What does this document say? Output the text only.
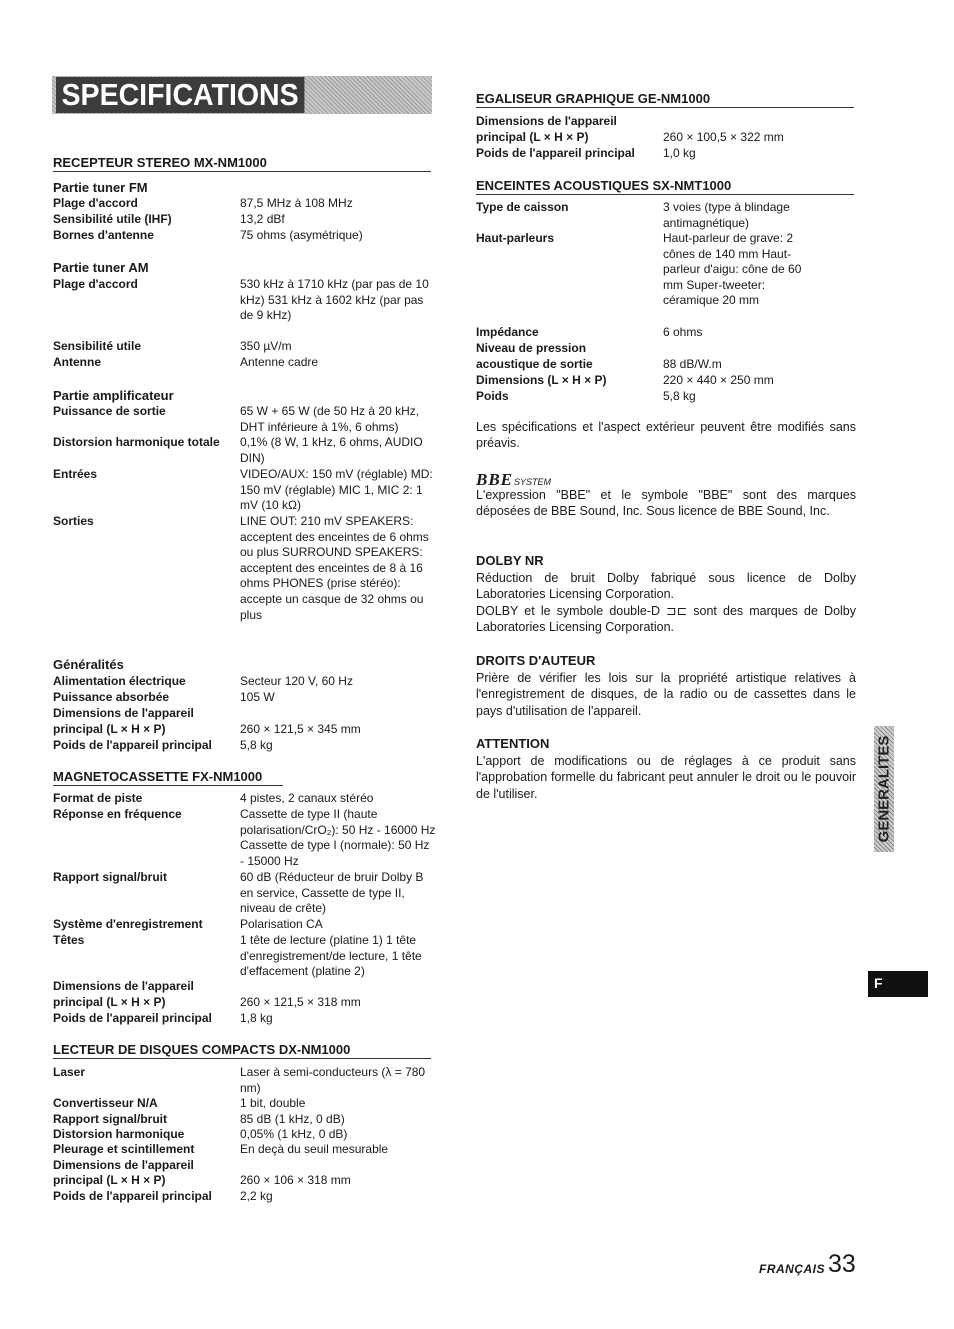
SPECIFICATIONS
RECEPTEUR STEREO MX-NM1000
Partie tuner FM
Plage d'accord	87,5 MHz à 108 MHz
Sensibilité utile (IHF)	13,2 dBf
Bornes d'antenne	75 ohms (asymétrique)
Partie tuner AM
Plage d'accord	530 kHz à 1710 kHz (par pas de 10 kHz) 531 kHz à 1602 kHz (par pas de 9 kHz)
Sensibilité utile	350 µV/m
Antenne	Antenne cadre
Partie amplificateur
Puissance de sortie	65 W + 65 W (de 50 Hz à 20 kHz, DHT inférieure à 1%, 6 ohms)
Distorsion harmonique totale 0,1% (8 W, 1 kHz, 6 ohms, AUDIO DIN)
Entrées	VIDEO/AUX: 150 mV (réglable) MD: 150 mV (réglable) MIC 1, MIC 2: 1 mV (10 kΩ)
Sorties	LINE OUT: 210 mV SPEAKERS: acceptent des enceintes de 6 ohms ou plus SURROUND SPEAKERS: acceptent des enceintes de 8 à 16 ohms PHONES (prise stéréo): accepte un casque de 32 ohms ou plus
Généralités
Alimentation électrique	Secteur 120 V, 60 Hz
Puissance absorbée	105 W
Dimensions de l'appareil
principal (L × H × P)	260 × 121,5 × 345 mm
Poids de l'appareil principal 5,8 kg
MAGNETOCASSETTE FX-NM1000
Format de piste	4 pistes, 2 canaux stéréo
Réponse en fréquence	Cassette de type II (haute polarisation/CrO₂): 50 Hz - 16000 Hz Cassette de type I (normale): 50 Hz - 15000 Hz
Rapport signal/bruit	60 dB (Réducteur de bruir Dolby B en service, Cassette de type II, niveau de crête)
Système d'enregistrement	Polarisation CA
Têtes	1 tête de lecture (platine 1) 1 tête d'enregistrement/de lecture, 1 tête d'effacement (platine 2)
Dimensions de l'appareil
principal (L × H × P)	260 × 121,5 × 318 mm
Poids de l'appareil principal 1,8 kg
LECTEUR DE DISQUES COMPACTS DX-NM1000
Laser	Laser à semi-conducteurs (λ = 780 nm)
Convertisseur N/A	1 bit, double
Rapport signal/bruit	85 dB (1 kHz, 0 dB)
Distorsion harmonique	0,05% (1 kHz, 0 dB)
Pleurage et scintillement	En deçà du seuil mesurable
Dimensions de l'appareil
principal (L × H × P)	260 × 106 × 318 mm
Poids de l'appareil principal 2,2 kg
EGALISEUR GRAPHIQUE GE-NM1000
Dimensions de l'appareil
principal (L × H × P)	260 × 100,5 × 322 mm
Poids de l'appareil principal 1,0 kg
ENCEINTES ACOUSTIQUES SX-NMT1000
Type de caisson	3 voies (type à blindage antimagnétique)
Haut-parleurs	Haut-parleur de grave: 2 cônes de 140 mm Haut-parleur d'aigu: cône de 60 mm Super-tweeter: céramique 20 mm
Impédance	6 ohms
Niveau de pression
acoustique de sortie	88 dB/W.m
Dimensions (L × H × P)	220 × 440 × 250 mm
Poids	5,8 kg
Les spécifications et l'aspect extérieur peuvent être modifiés sans préavis.
BBESYSTEM
L'expression "BBE" et le symbole "BBE" sont des marques déposées de BBE Sound, Inc. Sous licence de BBE Sound, Inc.
DOLBY NR
Réduction de bruit Dolby fabriqué sous licence de Dolby Laboratories Licensing Corporation.
DOLBY et le symbole double-D ⊐⊏ sont des marques de Dolby Laboratories Licensing Corporation.
DROITS D'AUTEUR
Prière de vérifier les lois sur la propriété artistique relatives à l'enregistrement de disques, de la radio ou de cassettes dans le pays d'utilisation de l'appareil.
ATTENTION
L'apport de modifications ou de réglages à ce produit sans l'approbation formelle du fabricant peut annuler le droit ou le pouvoir de l'utiliser.	GENERALITES
F
FRANÇAIS 33
